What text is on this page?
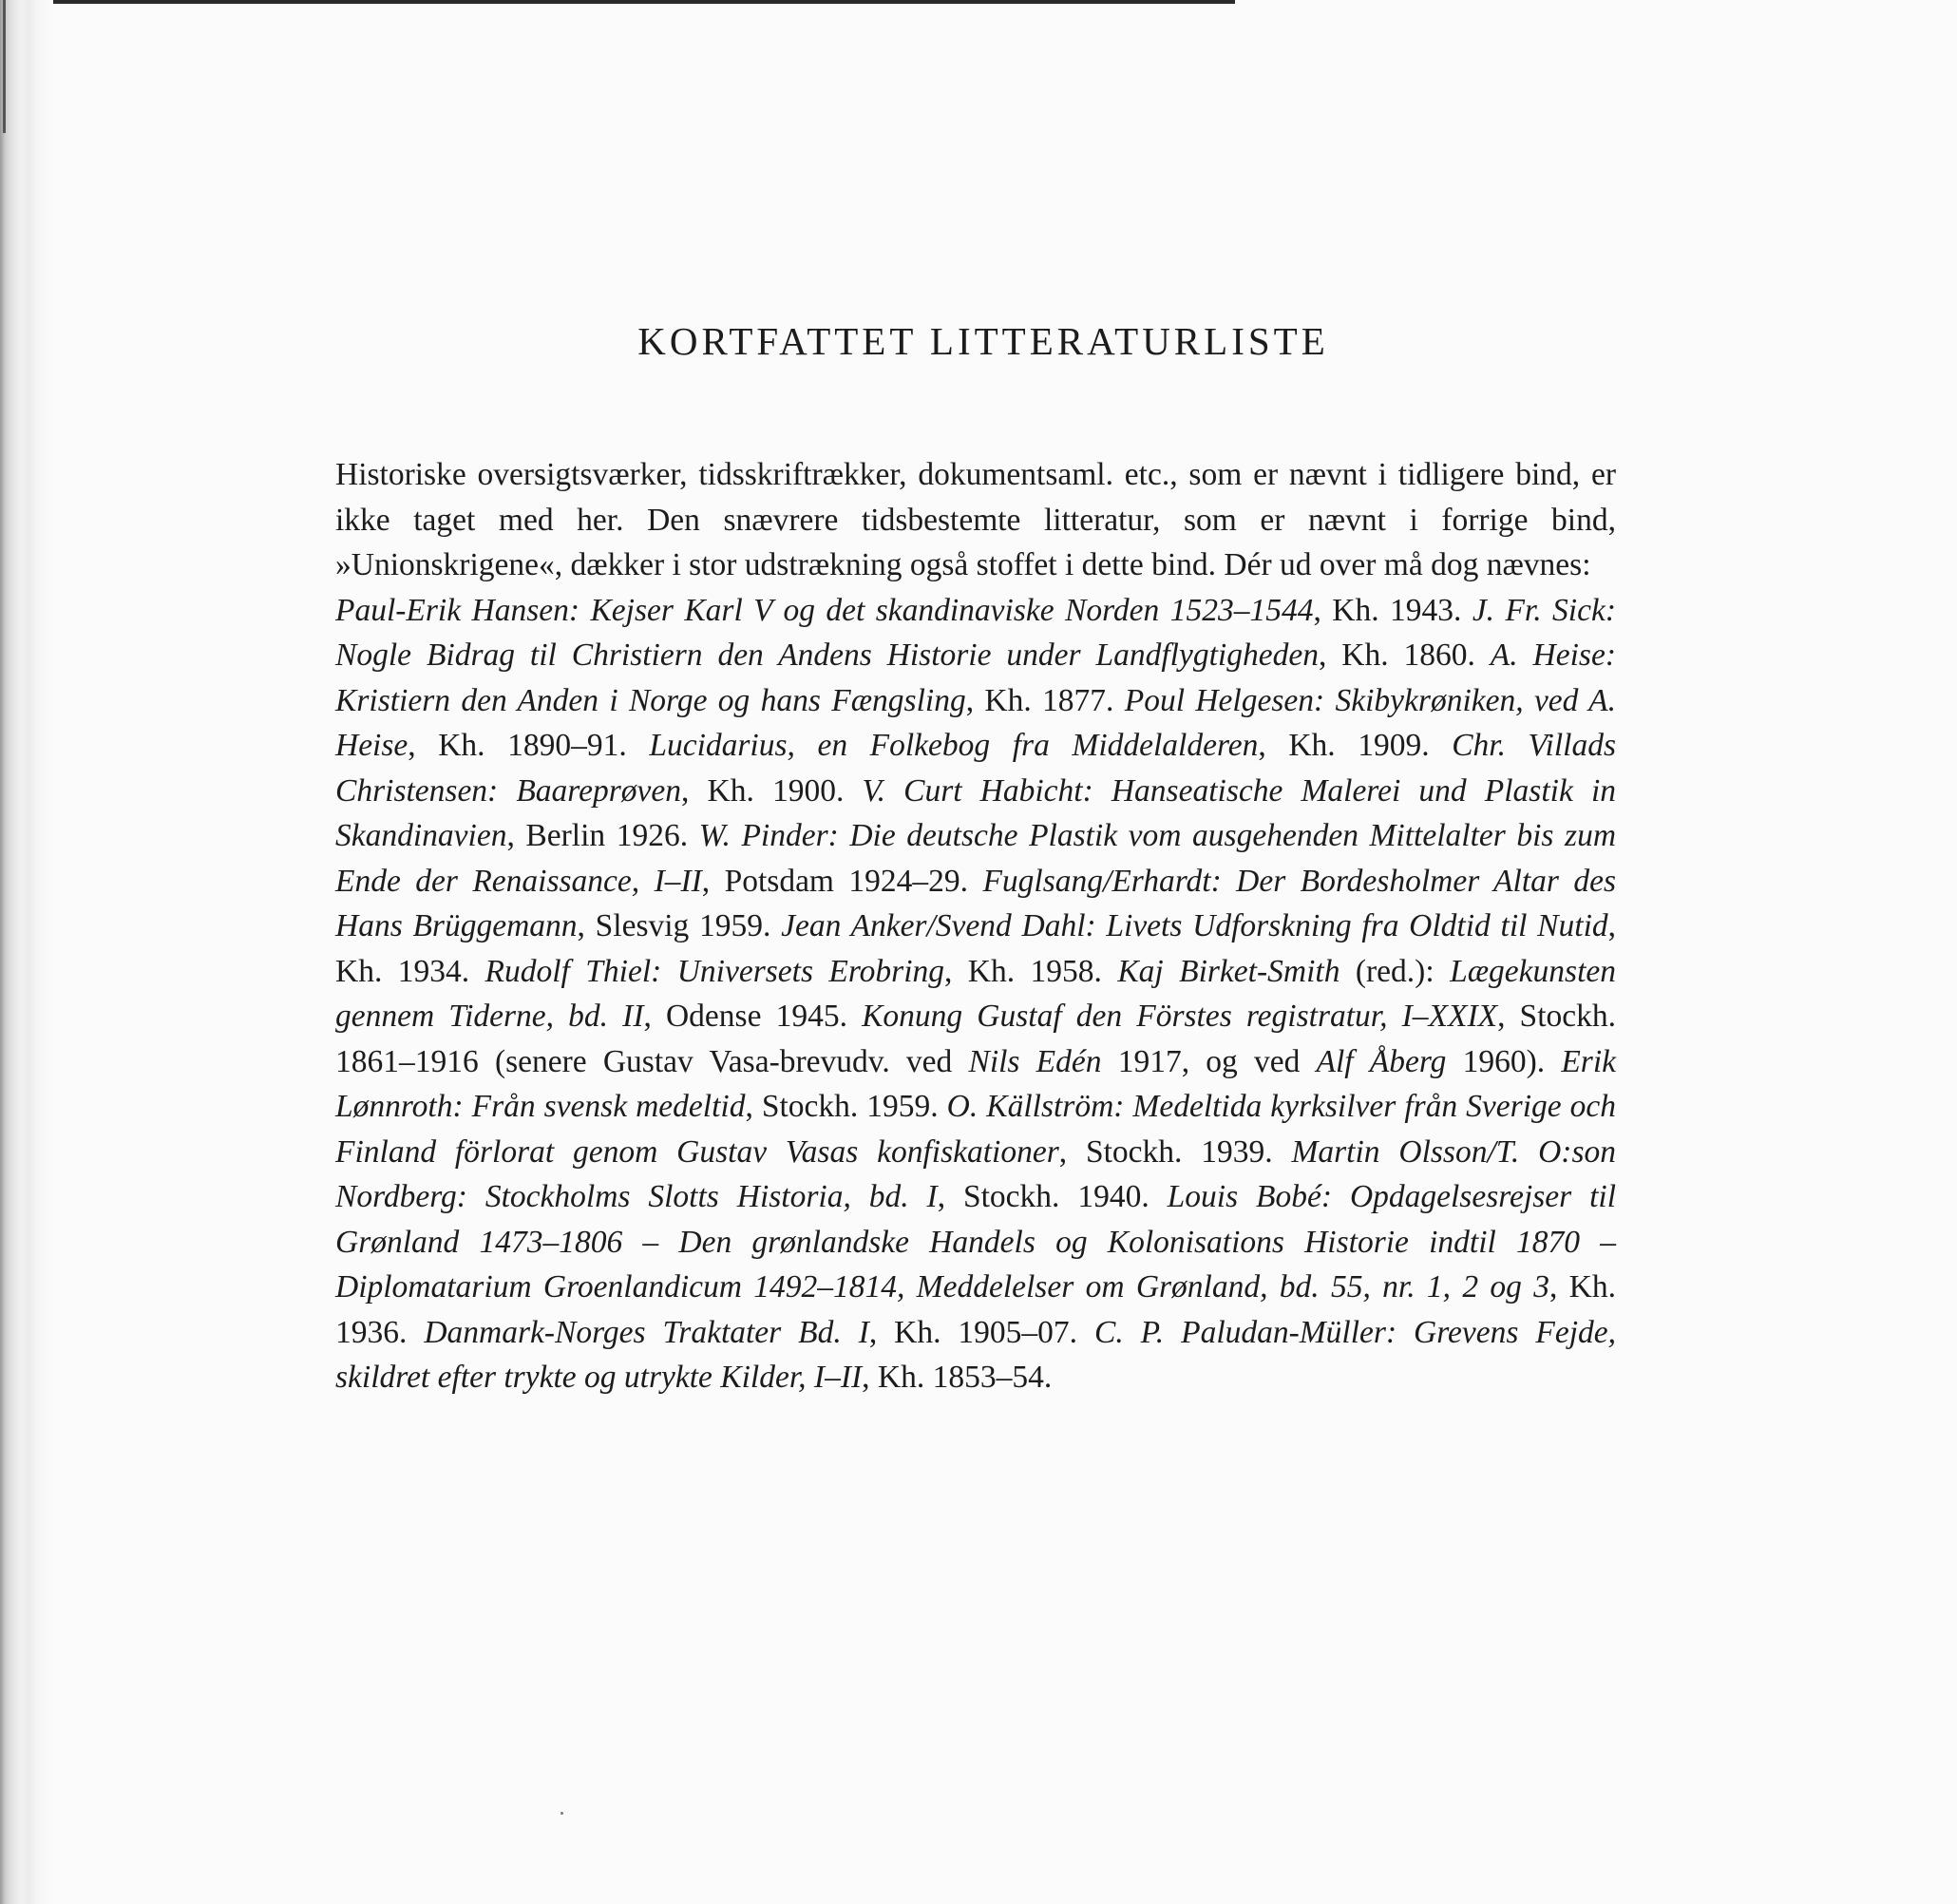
KORTFATTET LITTERATURLISTE

Historiske oversigtsværker, tidsskriftrækker, dokumentsaml. etc., som er nævnt i tidligere bind, er ikke taget med her. Den snævrere tidsbestemte litteratur, som er nævnt i forrige bind, »Unionskrigene«, dækker i stor udstrækning også stoffet i dette bind. Dér ud over må dog nævnes:
Paul-Erik Hansen: Kejser Karl V og det skandinaviske Norden 1523–1544, Kh. 1943. J. Fr. Sick: Nogle Bidrag til Christiern den Andens Historie under Landflygtigheden, Kh. 1860. A. Heise: Kristiern den Anden i Norge og hans Fængsling, Kh. 1877. Poul Helgesen: Skibykrøniken, ved A. Heise, Kh. 1890–91. Lucidarius, en Folkebog fra Middelalderen, Kh. 1909. Chr. Villads Christensen: Baareprøven, Kh. 1900. V. Curt Habicht: Hanseatische Malerei und Plastik in Skandinavien, Berlin 1926. W. Pinder: Die deutsche Plastik vom ausgehenden Mittelalter bis zum Ende der Renaissance, I–II, Potsdam 1924–29. Fuglsang/Erhardt: Der Bordesholmer Altar des Hans Brüggemann, Slesvig 1959. Jean Anker/Svend Dahl: Livets Udforskning fra Oldtid til Nutid, Kh. 1934. Rudolf Thiel: Universets Erobring, Kh. 1958. Kaj Birket-Smith (red.): Lægekunsten gennem Tiderne, bd. II, Odense 1945. Konung Gustaf den Förstes registratur, I–XXIX, Stockh. 1861–1916 (senere Gustav Vasa-brevudv. ved Nils Edén 1917, og ved Alf Åberg 1960). Erik Lønnroth: Från svensk medeltid, Stockh. 1959. O. Källström: Medeltida kyrksilver från Sverige och Finland förlorat genom Gustav Vasas konfiskationer, Stockh. 1939. Martin Olsson/T. O:son Nordberg: Stockholms Slotts Historia, bd. I, Stockh. 1940. Louis Bobé: Opdagelsesrejser til Grønland 1473–1806 – Den grønlandske Handels og Kolonisations Historie indtil 1870 – Diplomatarium Groenlandicum 1492–1814, Meddelelser om Grønland, bd. 55, nr. 1, 2 og 3, Kh. 1936. Danmark-Norges Traktater Bd. I, Kh. 1905–07. C. P. Paludan-Müller: Grevens Fejde, skildret efter trykte og utrykte Kilder, I–II, Kh. 1853–54.
